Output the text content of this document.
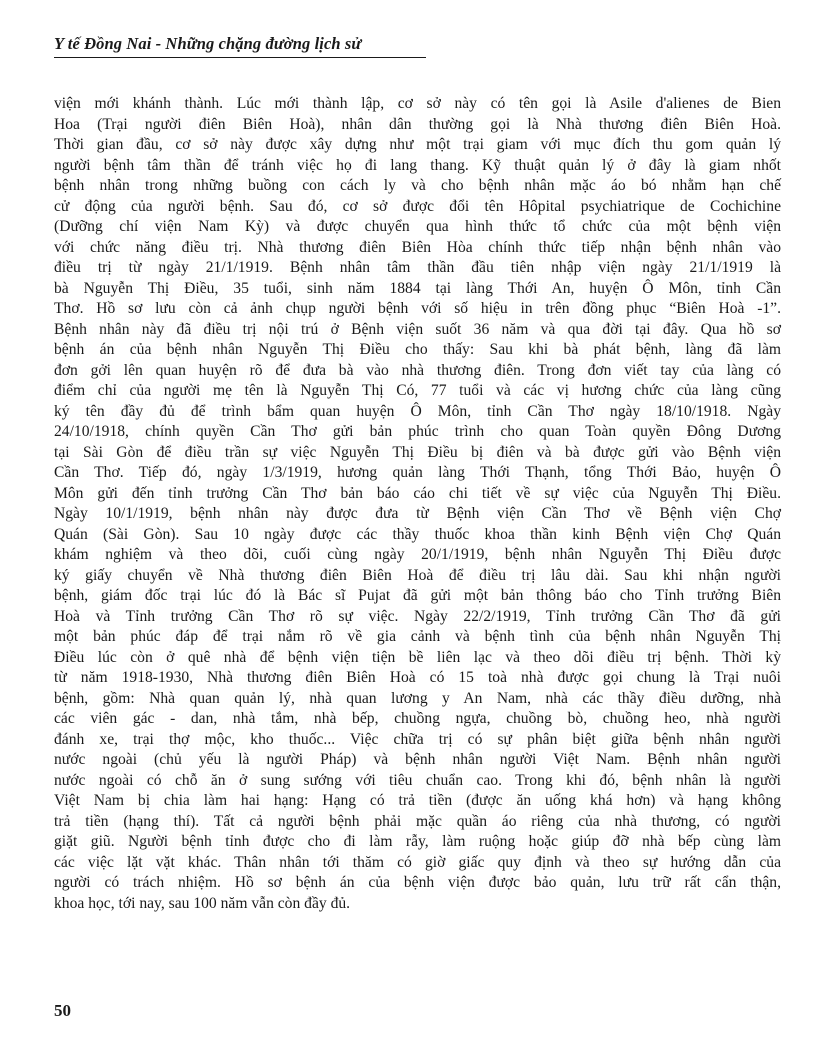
Y tế Đồng Nai - Những chặng đường lịch sử
viện mới khánh thành. Lúc mới thành lập, cơ sở này có tên gọi là Asile d'alienes de Bien
Hoa (Trại người điên Biên Hoà), nhân dân thường gọi là Nhà thương điên Biên Hoà.
Thời gian đầu, cơ sở này được xây dựng như một trại giam với mục đích thu gom quản lý
người bệnh tâm thần để tránh việc họ đi lang thang. Kỹ thuật quản lý ở đây là giam nhốt
bệnh nhân trong những buồng con cách ly và cho bệnh nhân mặc áo bó nhằm hạn chế
cử động của người bệnh. Sau đó, cơ sở được đổi tên Hôpital psychiatrique de Cochichine
(Dưỡng chí viện Nam Kỳ) và được chuyển qua hình thức tổ chức của một bệnh viện
với chức năng điều trị. Nhà thương điên Biên Hòa chính thức tiếp nhận bệnh nhân vào
điều trị từ ngày 21/1/1919. Bệnh nhân tâm thần đầu tiên nhập viện ngày 21/1/1919 là
bà Nguyễn Thị Điều, 35 tuổi, sinh năm 1884 tại làng Thới An, huyện Ô Môn, tỉnh Cần
Thơ. Hồ sơ lưu còn cả ảnh chụp người bệnh với số hiệu in trên đồng phục “Biên Hoà -1”.
Bệnh nhân này đã điều trị nội trú ở Bệnh viện suốt 36 năm và qua đời tại đây. Qua hồ sơ
bệnh án của bệnh nhân Nguyễn Thị Điều cho thấy: Sau khi bà phát bệnh, làng đã làm
đơn gởi lên quan huyện rõ để đưa bà vào nhà thương điên. Trong đơn viết tay của làng có
điểm chỉ của người mẹ tên là Nguyễn Thị Có, 77 tuổi và các vị hương chức của làng cũng
ký tên đầy đủ để trình bẩm quan huyện Ô Môn, tỉnh Cần Thơ ngày 18/10/1918. Ngày
24/10/1918, chính quyền Cần Thơ gửi bản phúc trình cho quan Toàn quyền Đông Dương
tại Sài Gòn để điều trần sự việc Nguyễn Thị Điều bị điên và bà được gửi vào Bệnh viện
Cần Thơ. Tiếp đó, ngày 1/3/1919, hương quản làng Thới Thạnh, tổng Thới Bảo, huyện Ô
Môn gửi đến tỉnh trưởng Cần Thơ bản báo cáo chi tiết về sự việc của Nguyễn Thị Điều.
Ngày 10/1/1919, bệnh nhân này được đưa từ Bệnh viện Cần Thơ về Bệnh viện Chợ
Quán (Sài Gòn). Sau 10 ngày được các thầy thuốc khoa thần kinh Bệnh viện Chợ Quán
khám nghiệm và theo dõi, cuối cùng ngày 20/1/1919, bệnh nhân Nguyễn Thị Điều được
ký giấy chuyển về Nhà thương điên Biên Hoà để điều trị lâu dài. Sau khi nhận người
bệnh, giám đốc trại lúc đó là Bác sĩ Pujat đã gửi một bản thông báo cho Tỉnh trưởng Biên
Hoà và Tỉnh trưởng Cần Thơ rõ sự việc. Ngày 22/2/1919, Tỉnh trưởng Cần Thơ đã gửi
một bản phúc đáp để trại nắm rõ về gia cảnh và bệnh tình của bệnh nhân Nguyễn Thị
Điều lúc còn ở quê nhà để bệnh viện tiện bề liên lạc và theo dõi điều trị bệnh. Thời kỳ
từ năm 1918-1930, Nhà thương điên Biên Hoà có 15 toà nhà được gọi chung là Trại nuôi
bệnh, gồm: Nhà quan quản lý, nhà quan lương y An Nam, nhà các thầy điều dưỡng, nhà
các viên gác - dan, nhà tắm, nhà bếp, chuồng ngựa, chuồng bò, chuồng heo, nhà người
đánh xe, trại thợ mộc, kho thuốc... Việc chữa trị có sự phân biệt giữa bệnh nhân người
nước ngoài (chủ yếu là người Pháp) và bệnh nhân người Việt Nam. Bệnh nhân người
nước ngoài có chỗ ăn ở sung sướng với tiêu chuẩn cao. Trong khi đó, bệnh nhân là người
Việt Nam bị chia làm hai hạng: Hạng có trả tiền (được ăn uống khá hơn) và hạng không
trả tiền (hạng thí). Tất cả người bệnh phải mặc quần áo riêng của nhà thương, có người
giặt giũ. Người bệnh tỉnh được cho đi làm rẫy, làm ruộng hoặc giúp đỡ nhà bếp cùng làm
các việc lặt vặt khác. Thân nhân tới thăm có giờ giấc quy định và theo sự hướng dẫn của
người có trách nhiệm. Hồ sơ bệnh án của bệnh viện được bảo quản, lưu trữ rất cẩn thận,
khoa học, tới nay, sau 100 năm vẫn còn đầy đủ.
50
